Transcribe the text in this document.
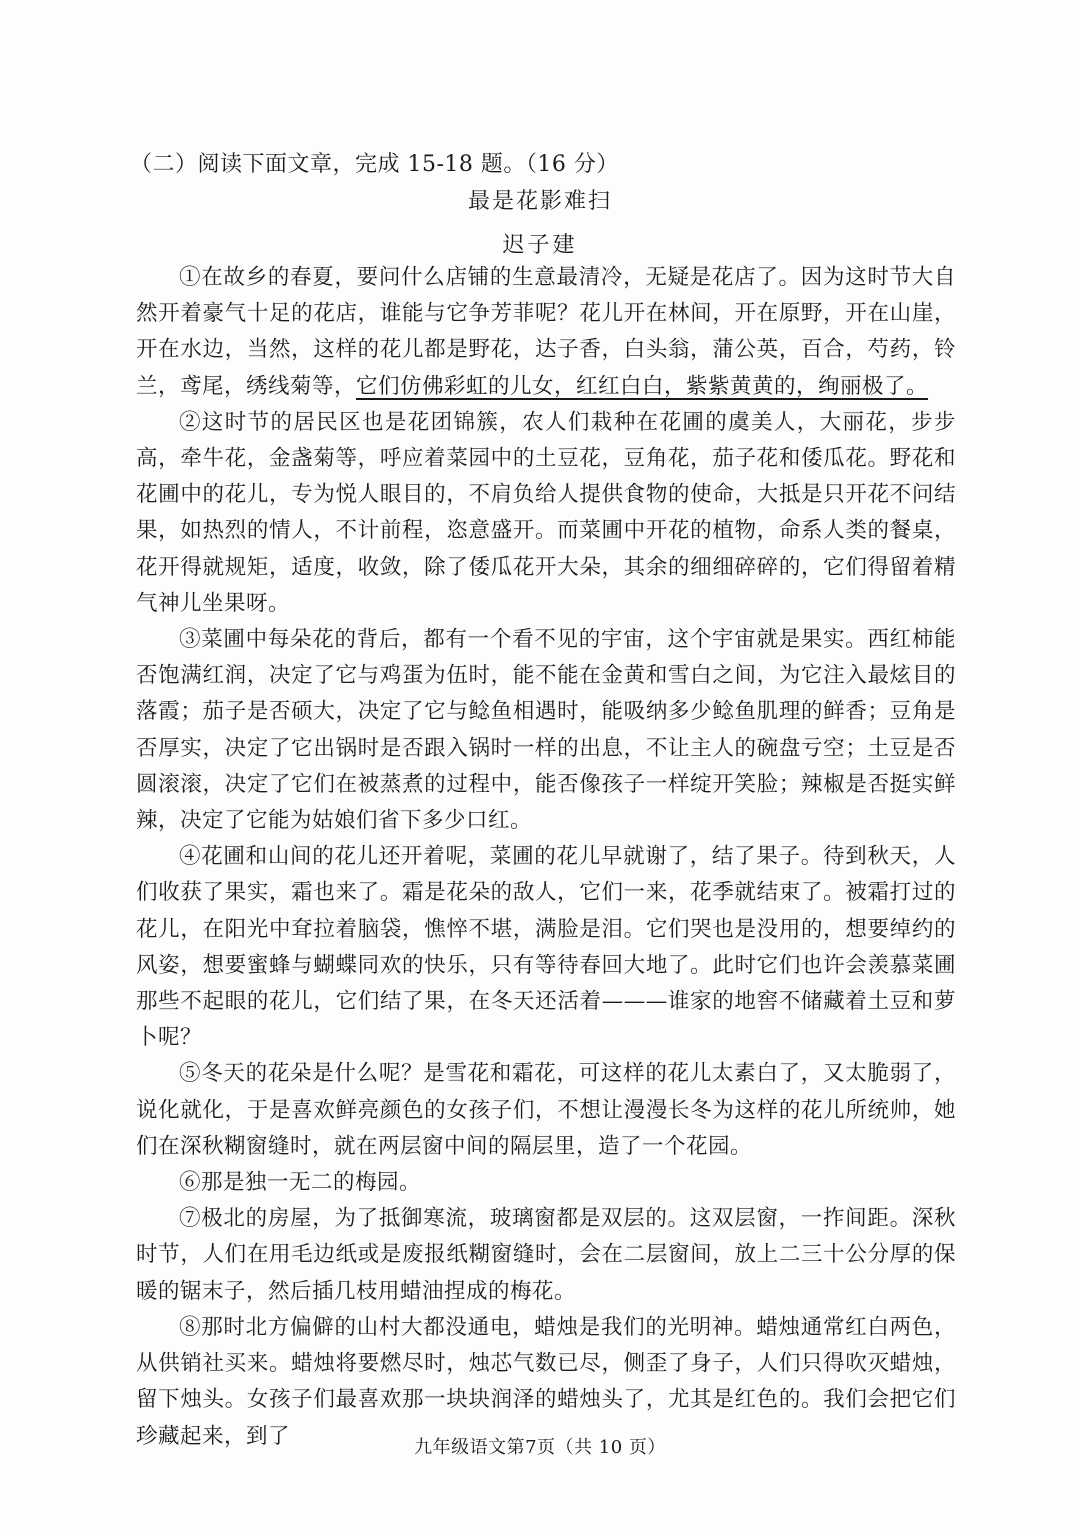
（二）阅读下面文章，完成 15-18 题。（16 分）
最是花影难扫
迟子建

①在故乡的春夏，要问什么店铺的生意最清冷，无疑是花店了。因为这时节大自然开着豪气十足的花店，谁能与它争芳菲呢？花儿开在林间，开在原野，开在山崖，开在水边，当然，这样的花儿都是野花，达子香，白头翁，蒲公英，百合，芍药，铃兰，鸢尾，绣线菊等，它们仿佛彩虹的儿女，红红白白，紫紫黄黄的，绚丽极了。

②这时节的居民区也是花团锦簇，农人们栽种在花圃的虞美人，大丽花，步步高，牵牛花，金盏菊等，呼应着菜园中的土豆花，豆角花，茄子花和倭瓜花。野花和花圃中的花儿，专为悦人眼目的，不肩负给人提供食物的使命，大抵是只开花不问结果，如热烈的情人，不计前程，恣意盛开。而菜圃中开花的植物，命系人类的餐桌，花开得就规矩，适度，收敛，除了倭瓜花开大朵，其余的细细碎碎的，它们得留着精气神儿坐果呀。

③菜圃中每朵花的背后，都有一个看不见的宇宙，这个宇宙就是果实。西红柿能否饱满红润，决定了它与鸡蛋为伍时，能不能在金黄和雪白之间，为它注入最炫目的落霞；茄子是否硕大，决定了它与鲶鱼相遇时，能吸纳多少鲶鱼肌理的鲜香；豆角是否厚实，决定了它出锅时是否跟入锅时一样的出息，不让主人的碗盘亏空；土豆是否圆滚滚，决定了它们在被蒸煮的过程中，能否像孩子一样绽开笑脸；辣椒是否挺实鲜辣，决定了它能为姑娘们省下多少口红。

④花圃和山间的花儿还开着呢，菜圃的花儿早就谢了，结了果子。待到秋天，人们收获了果实，霜也来了。霜是花朵的敌人，它们一来，花季就结束了。被霜打过的花儿，在阳光中耷拉着脑袋，憔悴不堪，满脸是泪。它们哭也是没用的，想要绰约的风姿，想要蜜蜂与蝴蝶同欢的快乐，只有等待春回大地了。此时它们也许会羡慕菜圃那些不起眼的花儿，它们结了果，在冬天还活着———谁家的地窖不储藏着土豆和萝卜呢？

⑤冬天的花朵是什么呢？是雪花和霜花，可这样的花儿太素白了，又太脆弱了，说化就化，于是喜欢鲜亮颜色的女孩子们，不想让漫漫长冬为这样的花儿所统帅，她们在深秋糊窗缝时，就在两层窗中间的隔层里，造了一个花园。

⑥那是独一无二的梅园。

⑦极北的房屋，为了抵御寒流，玻璃窗都是双层的。这双层窗，一拃间距。深秋时节，人们在用毛边纸或是废报纸糊窗缝时，会在二层窗间，放上二三十公分厚的保暖的锯末子，然后插几枝用蜡油捏成的梅花。

⑧那时北方偏僻的山村大都没通电，蜡烛是我们的光明神。蜡烛通常红白两色，从供销社买来。蜡烛将要燃尽时，烛芯气数已尽，侧歪了身子，人们只得吹灭蜡烛，留下烛头。女孩子们最喜欢那一块块润泽的蜡烛头了，尤其是红色的。我们会把它们珍藏起来，到了	九年级语文第7页（共 10 页）
